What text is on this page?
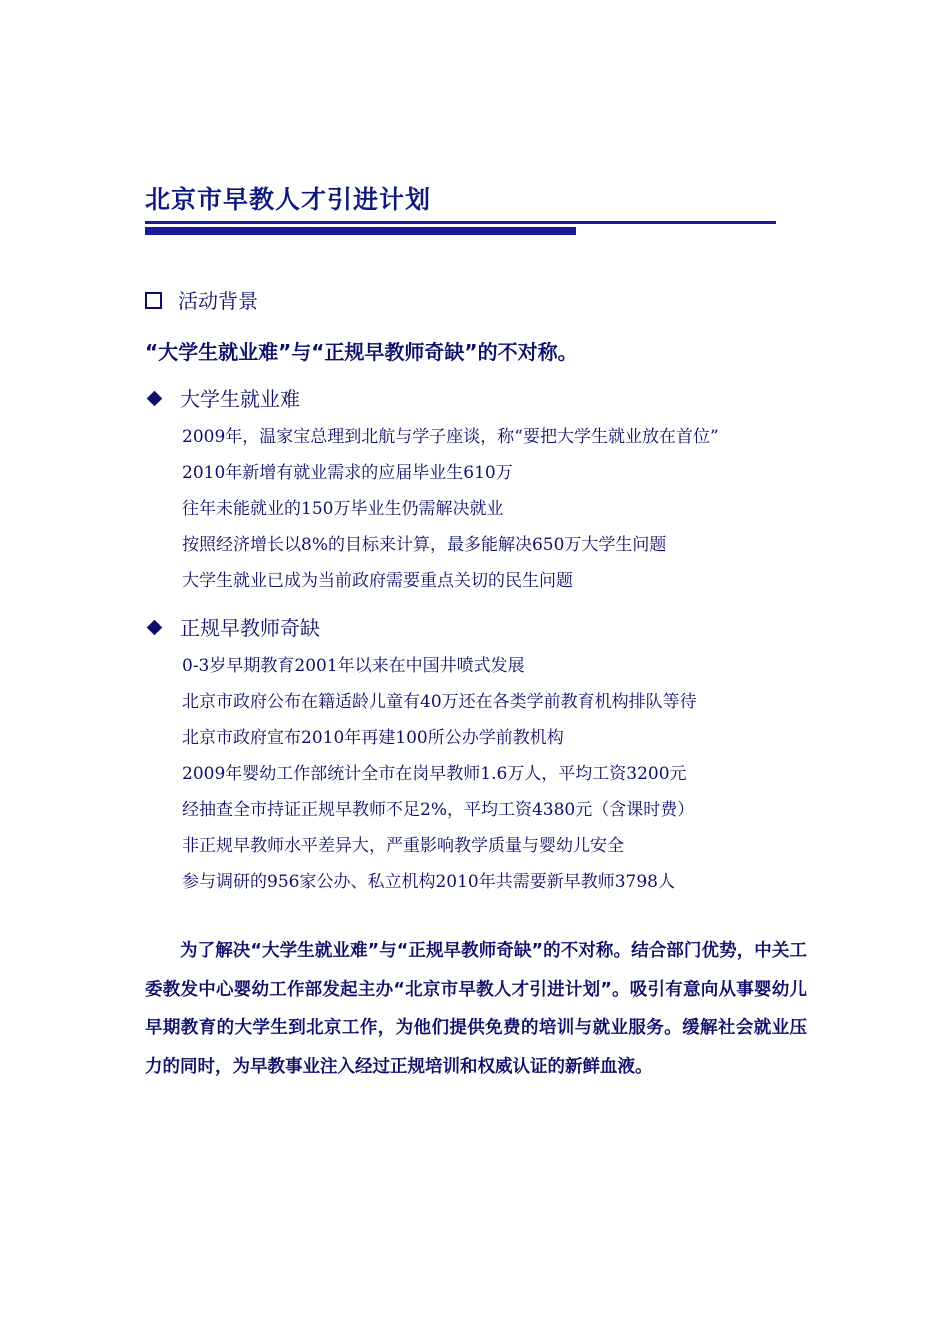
北京市早教人才引进计划
活动背景
“大学生就业难”与“正规早教师奇缺”的不对称。
大学生就业难
2009年，温家宝总理到北航与学子座谈，称“要把大学生就业放在首位”
2010年新增有就业需求的应届毕业生610万
往年未能就业的150万毕业生仍需解决就业
按照经济增长以8%的目标来计算，最多能解决650万大学生问题
大学生就业已成为当前政府需要重点关切的民生问题
正规早教师奇缺
0-3岁早期教育2001年以来在中国井喷式发展
北京市政府公布在籍适龄儿童有40万还在各类学前教育机构排队等待
北京市政府宣布2010年再建100所公办学前教机构
2009年婴幼工作部统计全市在岗早教师1.6万人，平均工资3200元
经抽查全市持证正规早教师不足2%，平均工资4380元（含课时费）
非正规早教师水平差异大，严重影响教学质量与婴幼儿安全
参与调研的956家公办、私立机构2010年共需要新早教师3798人

为了解决“大学生就业难”与“正规早教师奇缺”的不对称。结合部门优势，中关工委教发中心婴幼工作部发起主办“北京市早教人才引进计划”。吸引有意向从事婴幼儿早期教育的大学生到北京工作，为他们提供免费的培训与就业服务。缓解社会就业压力的同时，为早教事业注入经过正规培训和权威认证的新鲜血液。
